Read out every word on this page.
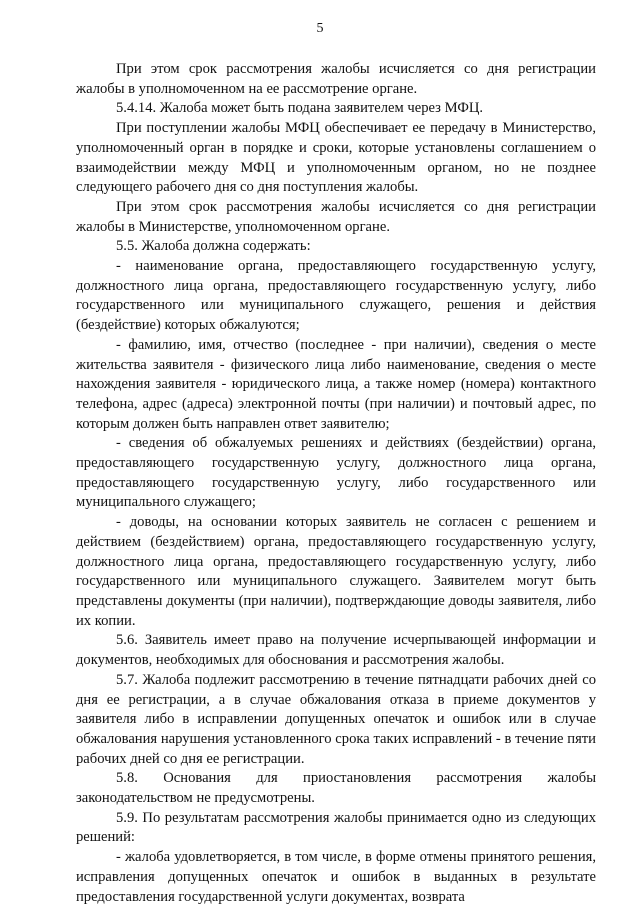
5

При этом срок рассмотрения жалобы исчисляется со дня регистрации жалобы в уполномоченном на ее рассмотрение органе.

5.4.14. Жалоба может быть подана заявителем через МФЦ.

При поступлении жалобы МФЦ обеспечивает ее передачу в Министерство, уполномоченный орган в порядке и сроки, которые установлены соглашением о взаимодействии между МФЦ и уполномоченным органом, но не позднее следующего рабочего дня со дня поступления жалобы.

При этом срок рассмотрения жалобы исчисляется со дня регистрации жалобы в Министерстве, уполномоченном органе.

5.5. Жалоба должна содержать:

- наименование органа, предоставляющего государственную услугу, должностного лица органа, предоставляющего государственную услугу, либо государственного или муниципального служащего, решения и действия (бездействие) которых обжалуются;

- фамилию, имя, отчество (последнее - при наличии), сведения о месте жительства заявителя - физического лица либо наименование, сведения о месте нахождения заявителя - юридического лица, а также номер (номера) контактного телефона, адрес (адреса) электронной почты (при наличии) и почтовый адрес, по которым должен быть направлен ответ заявителю;

- сведения об обжалуемых решениях и действиях (бездействии) органа, предоставляющего государственную услугу, должностного лица органа, предоставляющего государственную услугу, либо государственного или муниципального служащего;

- доводы, на основании которых заявитель не согласен с решением и действием (бездействием) органа, предоставляющего государственную услугу, должностного лица органа, предоставляющего государственную услугу, либо государственного или муниципального служащего. Заявителем могут быть представлены документы (при наличии), подтверждающие доводы заявителя, либо их копии.

5.6. Заявитель имеет право на получение исчерпывающей информации и документов, необходимых для обоснования и рассмотрения жалобы.

5.7. Жалоба подлежит рассмотрению в течение пятнадцати рабочих дней со дня ее регистрации, а в случае обжалования отказа в приеме документов у заявителя либо в исправлении допущенных опечаток и ошибок или в случае обжалования нарушения установленного срока таких исправлений - в течение пяти рабочих дней со дня ее регистрации.

5.8. Основания для приостановления рассмотрения жалобы законодательством не предусмотрены.

5.9. По результатам рассмотрения жалобы принимается одно из следующих решений:

- жалоба удовлетворяется, в том числе, в форме отмены принятого решения, исправления допущенных опечаток и ошибок в выданных в результате предоставления государственной услуги документах, возврата
